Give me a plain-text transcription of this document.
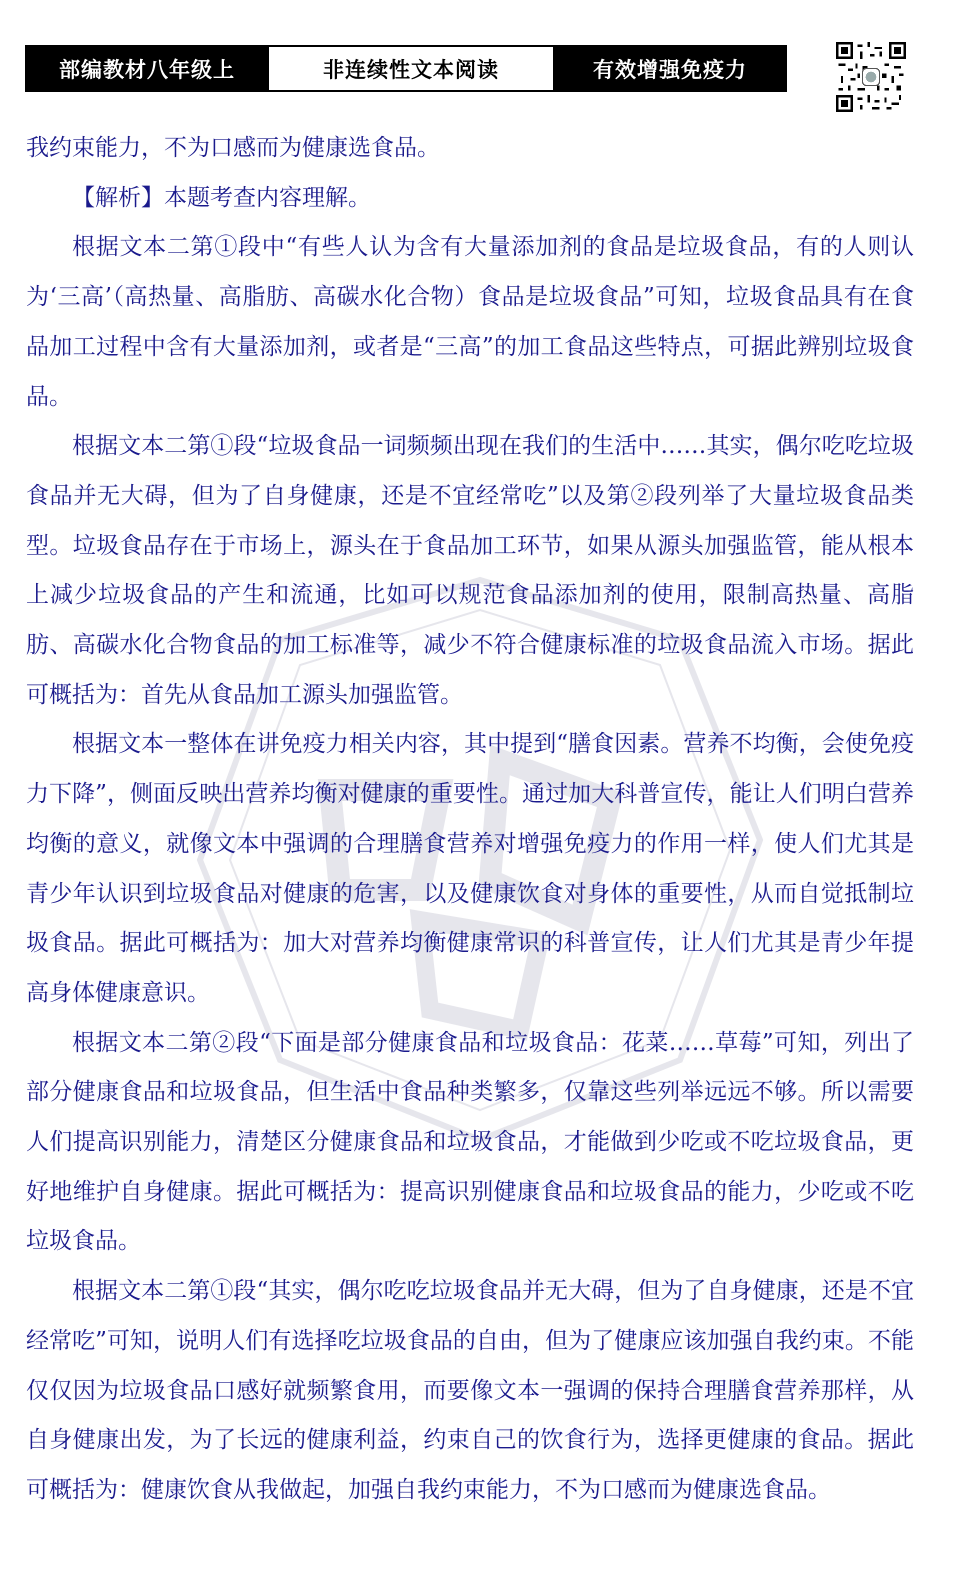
部编教材八年级上	非连续性文本阅读	有效增强免疫力

我约束能力，不为口感而为健康选食品。

【解析】本题考查内容理解。

根据文本二第①段中“有些人认为含有大量添加剂的食品是垃圾食品，有的人则认为‘三高’（高热量、高脂肪、高碳水化合物）食品是垃圾食品”可知，垃圾食品具有在食品加工过程中含有大量添加剂，或者是“三高”的加工食品这些特点，可据此辨别垃圾食品。

根据文本二第①段“垃圾食品一词频频出现在我们的生活中……其实，偶尔吃吃垃圾食品并无大碍，但为了自身健康，还是不宜经常吃”以及第②段列举了大量垃圾食品类型。垃圾食品存在于市场上，源头在于食品加工环节，如果从源头加强监管，能从根本上减少垃圾食品的产生和流通，比如可以规范食品添加剂的使用，限制高热量、高脂肪、高碳水化合物食品的加工标准等，减少不符合健康标准的垃圾食品流入市场。据此可概括为：首先从食品加工源头加强监管。

根据文本一整体在讲免疫力相关内容，其中提到“膳食因素。营养不均衡，会使免疫力下降”，侧面反映出营养均衡对健康的重要性。通过加大科普宣传，能让人们明白营养均衡的意义，就像文本中强调的合理膳食营养对增强免疫力的作用一样，使人们尤其是青少年认识到垃圾食品对健康的危害，以及健康饮食对身体的重要性，从而自觉抵制垃圾食品。据此可概括为：加大对营养均衡健康常识的科普宣传，让人们尤其是青少年提高身体健康意识。

根据文本二第②段“下面是部分健康食品和垃圾食品：花菜……草莓”可知，列出了部分健康食品和垃圾食品，但生活中食品种类繁多，仅靠这些列举远远不够。所以需要人们提高识别能力，清楚区分健康食品和垃圾食品，才能做到少吃或不吃垃圾食品，更好地维护自身健康。据此可概括为：提高识别健康食品和垃圾食品的能力，少吃或不吃垃圾食品。

根据文本二第①段“其实，偶尔吃吃垃圾食品并无大碍，但为了自身健康，还是不宜经常吃”可知，说明人们有选择吃垃圾食品的自由，但为了健康应该加强自我约束。不能仅仅因为垃圾食品口感好就频繁食用，而要像文本一强调的保持合理膳食营养那样，从自身健康出发，为了长远的健康利益，约束自己的饮食行为，选择更健康的食品。据此可概括为：健康饮食从我做起，加强自我约束能力，不为口感而为健康选食品。
